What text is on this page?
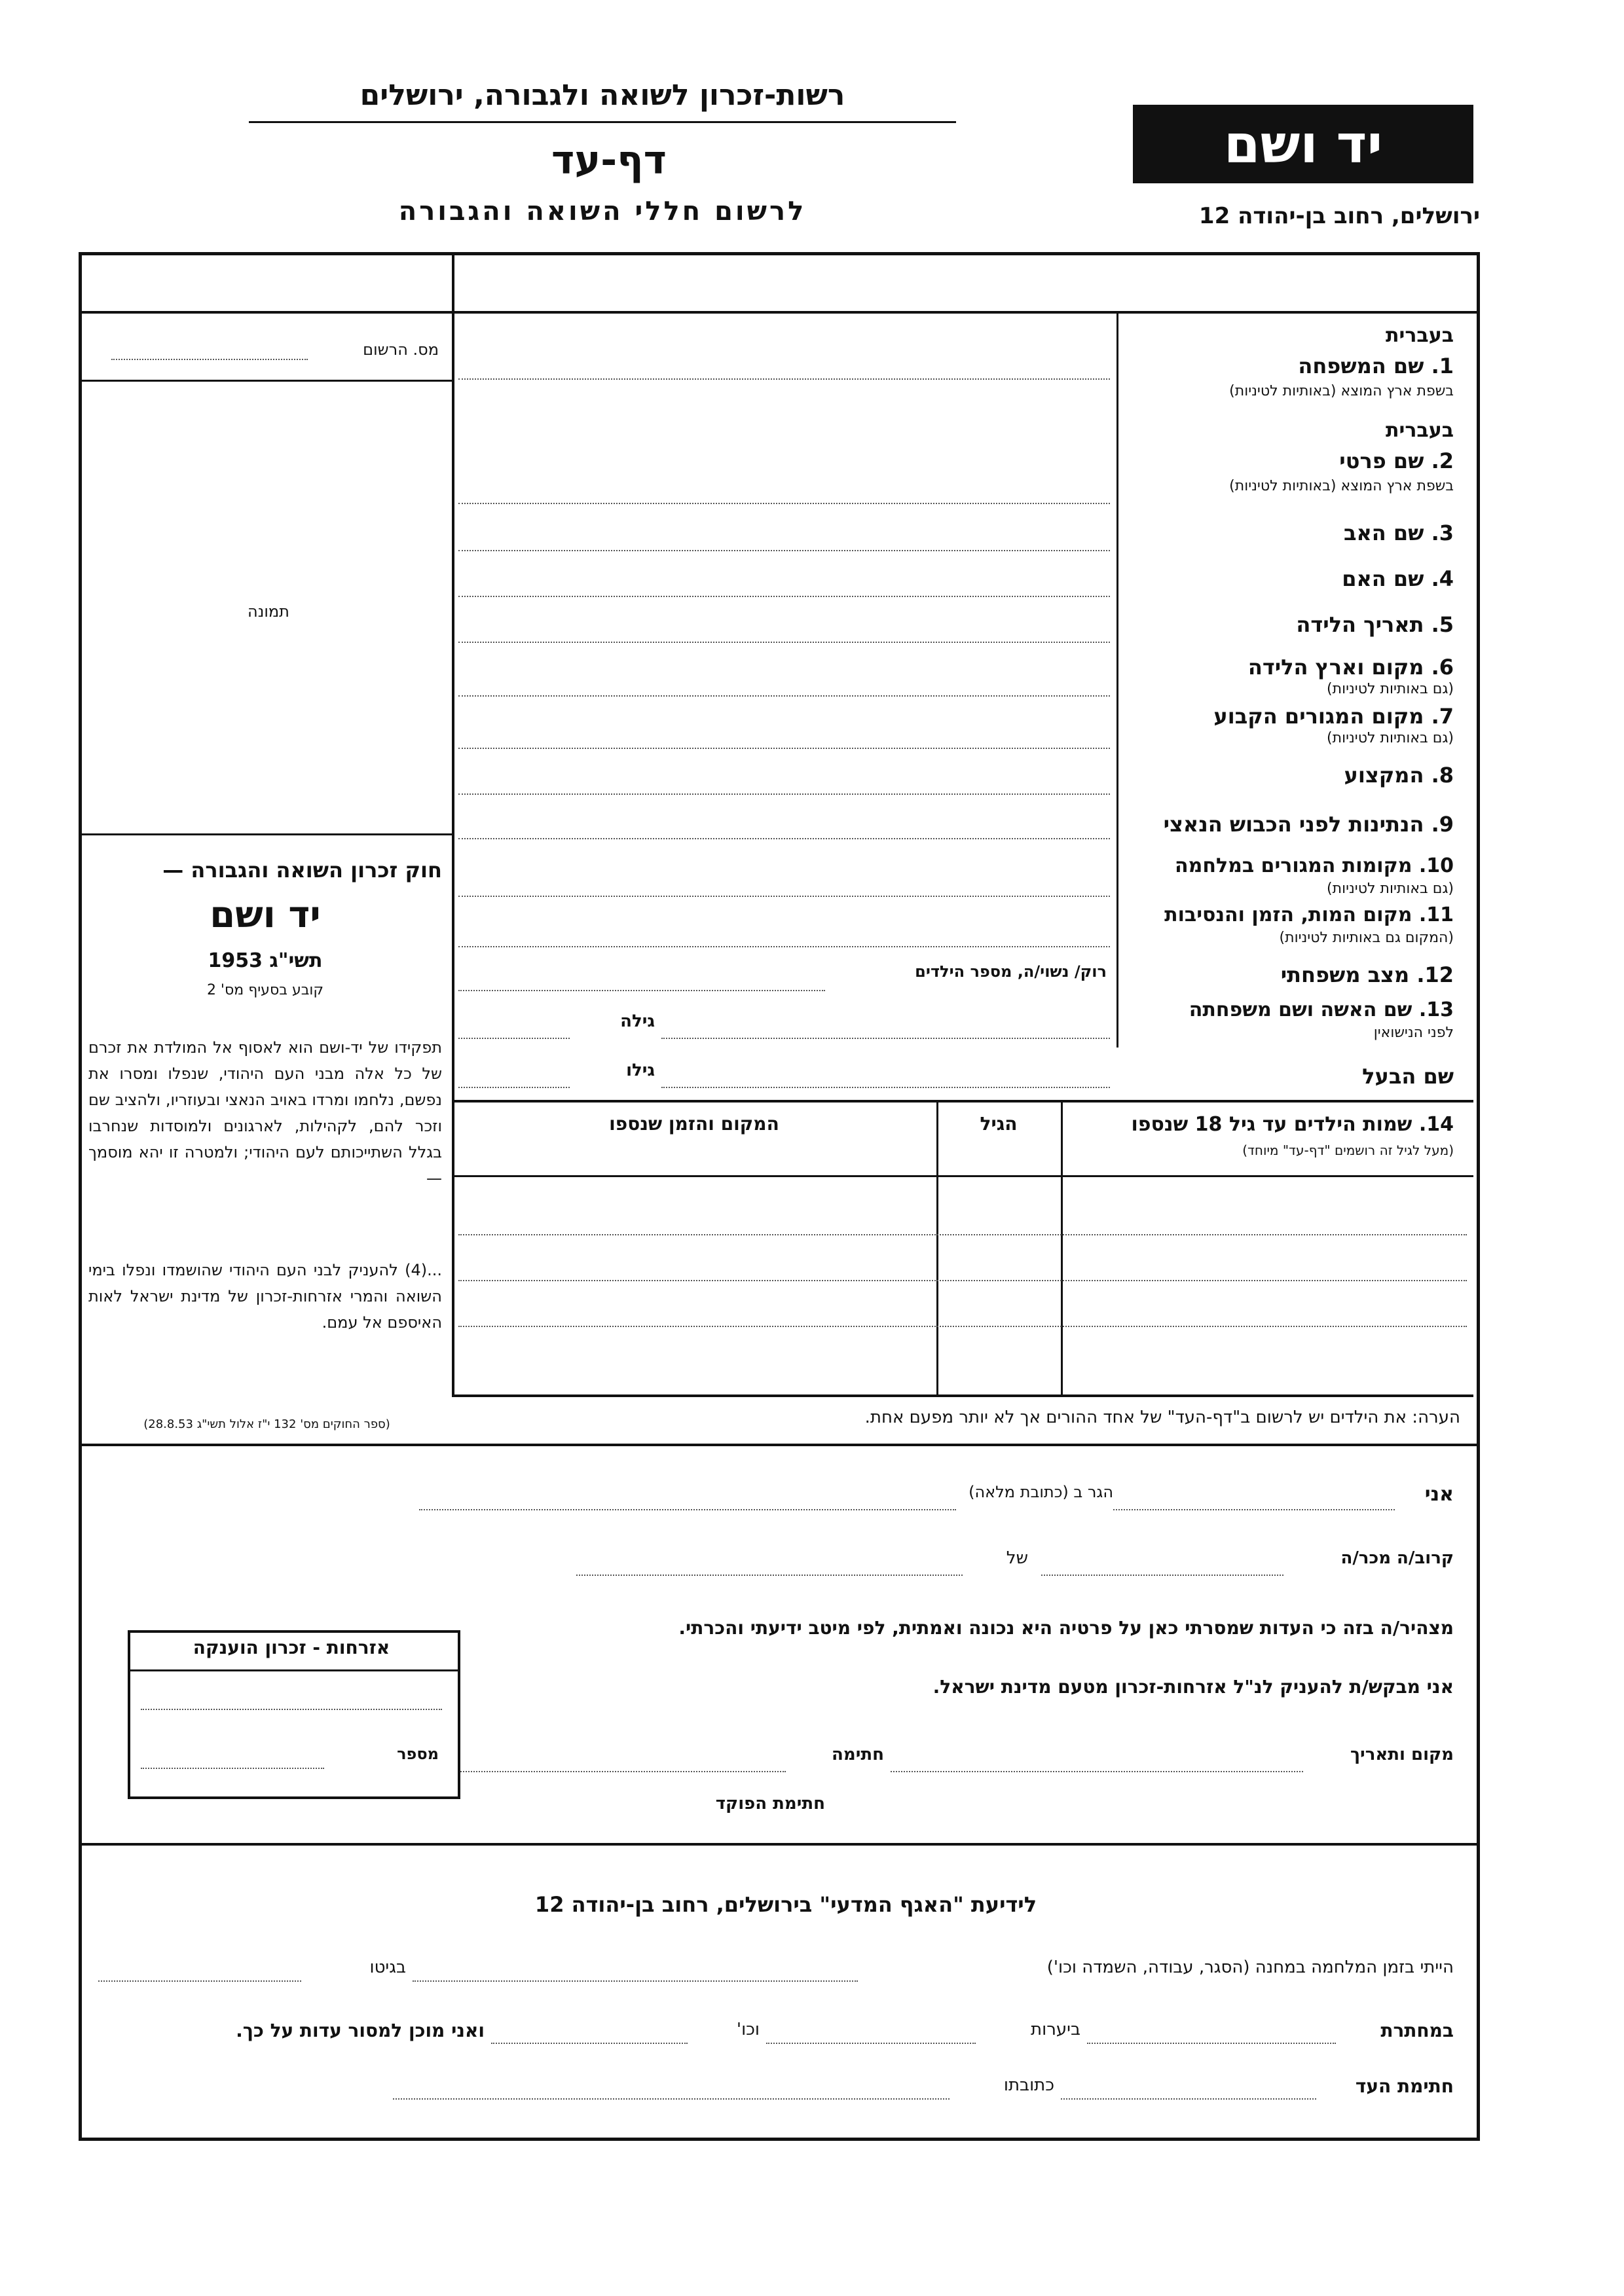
רשות-זכרון לשואה ולגבורה, ירושלים
דף-עד
לרשום חללי השואה והגבורה
יד ושם
ירושלים, רחוב בן-יהודה 12
מס. הרשום
תמונה
בעברית
1. שם המשפחה
בשפת ארץ המוצא (באותיות לטיניות)
בעברית
2. שם פרטי
בשפת ארץ המוצא (באותיות לטיניות)
3. שם האב
4. שם האם
5. תאריך הלידה
6. מקום וארץ הלידה
(גם באותיות לטיניות)
7. מקום המגורים הקבוע
(גם באותיות לטיניות)
8. המקצוע
9. הנתינות לפני הכבוש הנאצי
10. מקומות המגורים במלחמה
(גם באותיות לטיניות)
11. מקום המות, הזמן והנסיבות
(המקום גם באותיות לטיניות)
12. מצב משפחתי
13. שם האשה ושם משפחתה
לפני הנישואין
שם הבעל
רוק/ נשוי/ה, מספר הילדים
גילה
גילו
14. שמות הילדים עד גיל 18 שנספו
(מעל לגיל זה רושמים "דף-עד" מיוחד)
הגיל
המקום והזמן שנספו
חוק זכרון השואה והגבורה —
יד ושם
תשי"ג 1953
קובע בסעיף מס' 2
תפקידו של יד-ושם הוא לאסוף אל המולדת את זכרם של כל אלה מבני העם היהודי, שנפלו ומסרו את נפשם, נלחמו ומרדו באויב הנאצי ובעוזריו, ולהציב שם וזכר להם, לקהילות, לארגונים ולמוסדות שנחרבו בגלל השתייכותם לעם היהודי; ולמטרה זו יהא מוסמך —
...(4) להעניק לבני העם היהודי שהושמדו ונפלו בימי השואה והמרי אזרחות-זכרון של מדינת ישראל לאות האיספם אל עמם.
(ספר החוקים מס' 132 י"ז אלול תשי"ג 28.8.53)	הערה: את הילדים יש לרשום ב"דף-העד" של אחד ההורים אך לא יותר מפעם אחת.
אני
הגר ב (כתובת מלאה)
קרוב/ה מכר/ה
של
מצהיר/ה בזה כי העדות שמסרתי כאן על פרטיה היא נכונה ואמתית, לפי מיטב ידיעתי והכרתי.
אני מבקש/ת להעניק לנ"ל אזרחות-זכרון מטעם מדינת ישראל.
מקום ותאריך
חתימה
חתימת הפוקד
אזרחות - זכרון הוענקה
מספר
לידיעת "האגף המדעי" בירושלים, רחוב בן-יהודה 12
הייתי בזמן המלחמה במחנה (הסגר, עבודה, השמדה וכו')
בגיטו
במחתרת
ביערות
וכו'
ואני מוכן למסור עדות על כך.
חתימת העד
כתובתו
